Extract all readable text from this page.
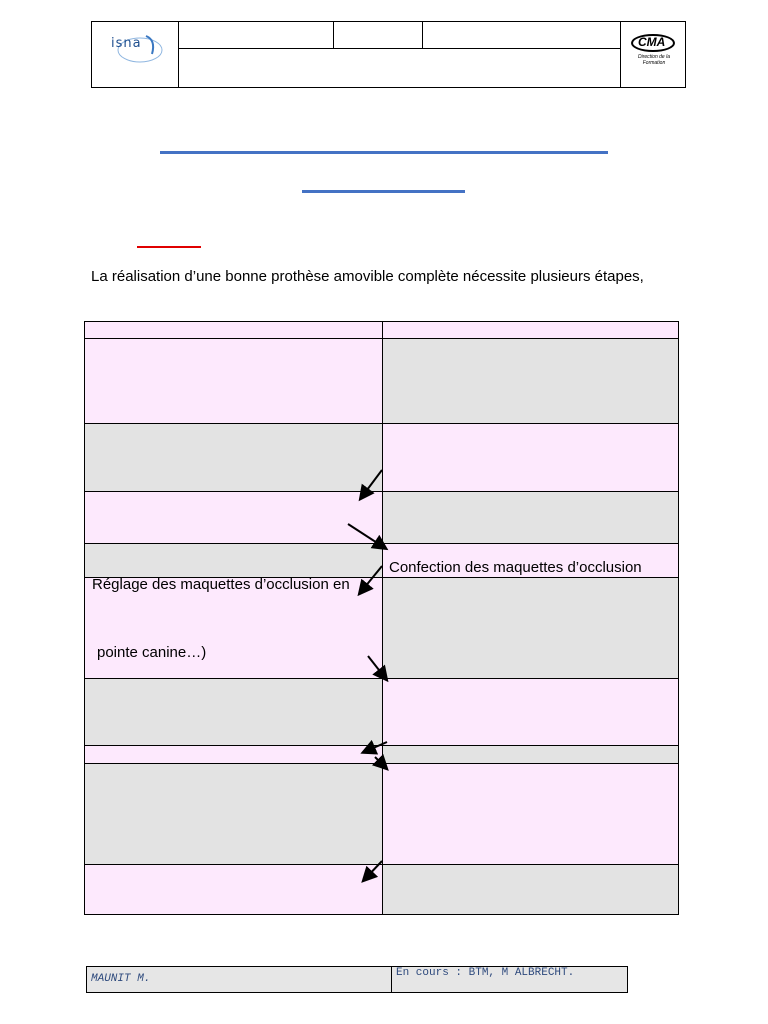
isna	CMA
Direction de la Formation
La réalisation d’une bonne prothèse amovible complète nécessite plusieurs étapes,
Confection des maquettes d’occlusion
Réglage des maquettes d’occlusion en
pointe canine…)
MAUNIT M.	En cours : BTM, M ALBRECHT.
